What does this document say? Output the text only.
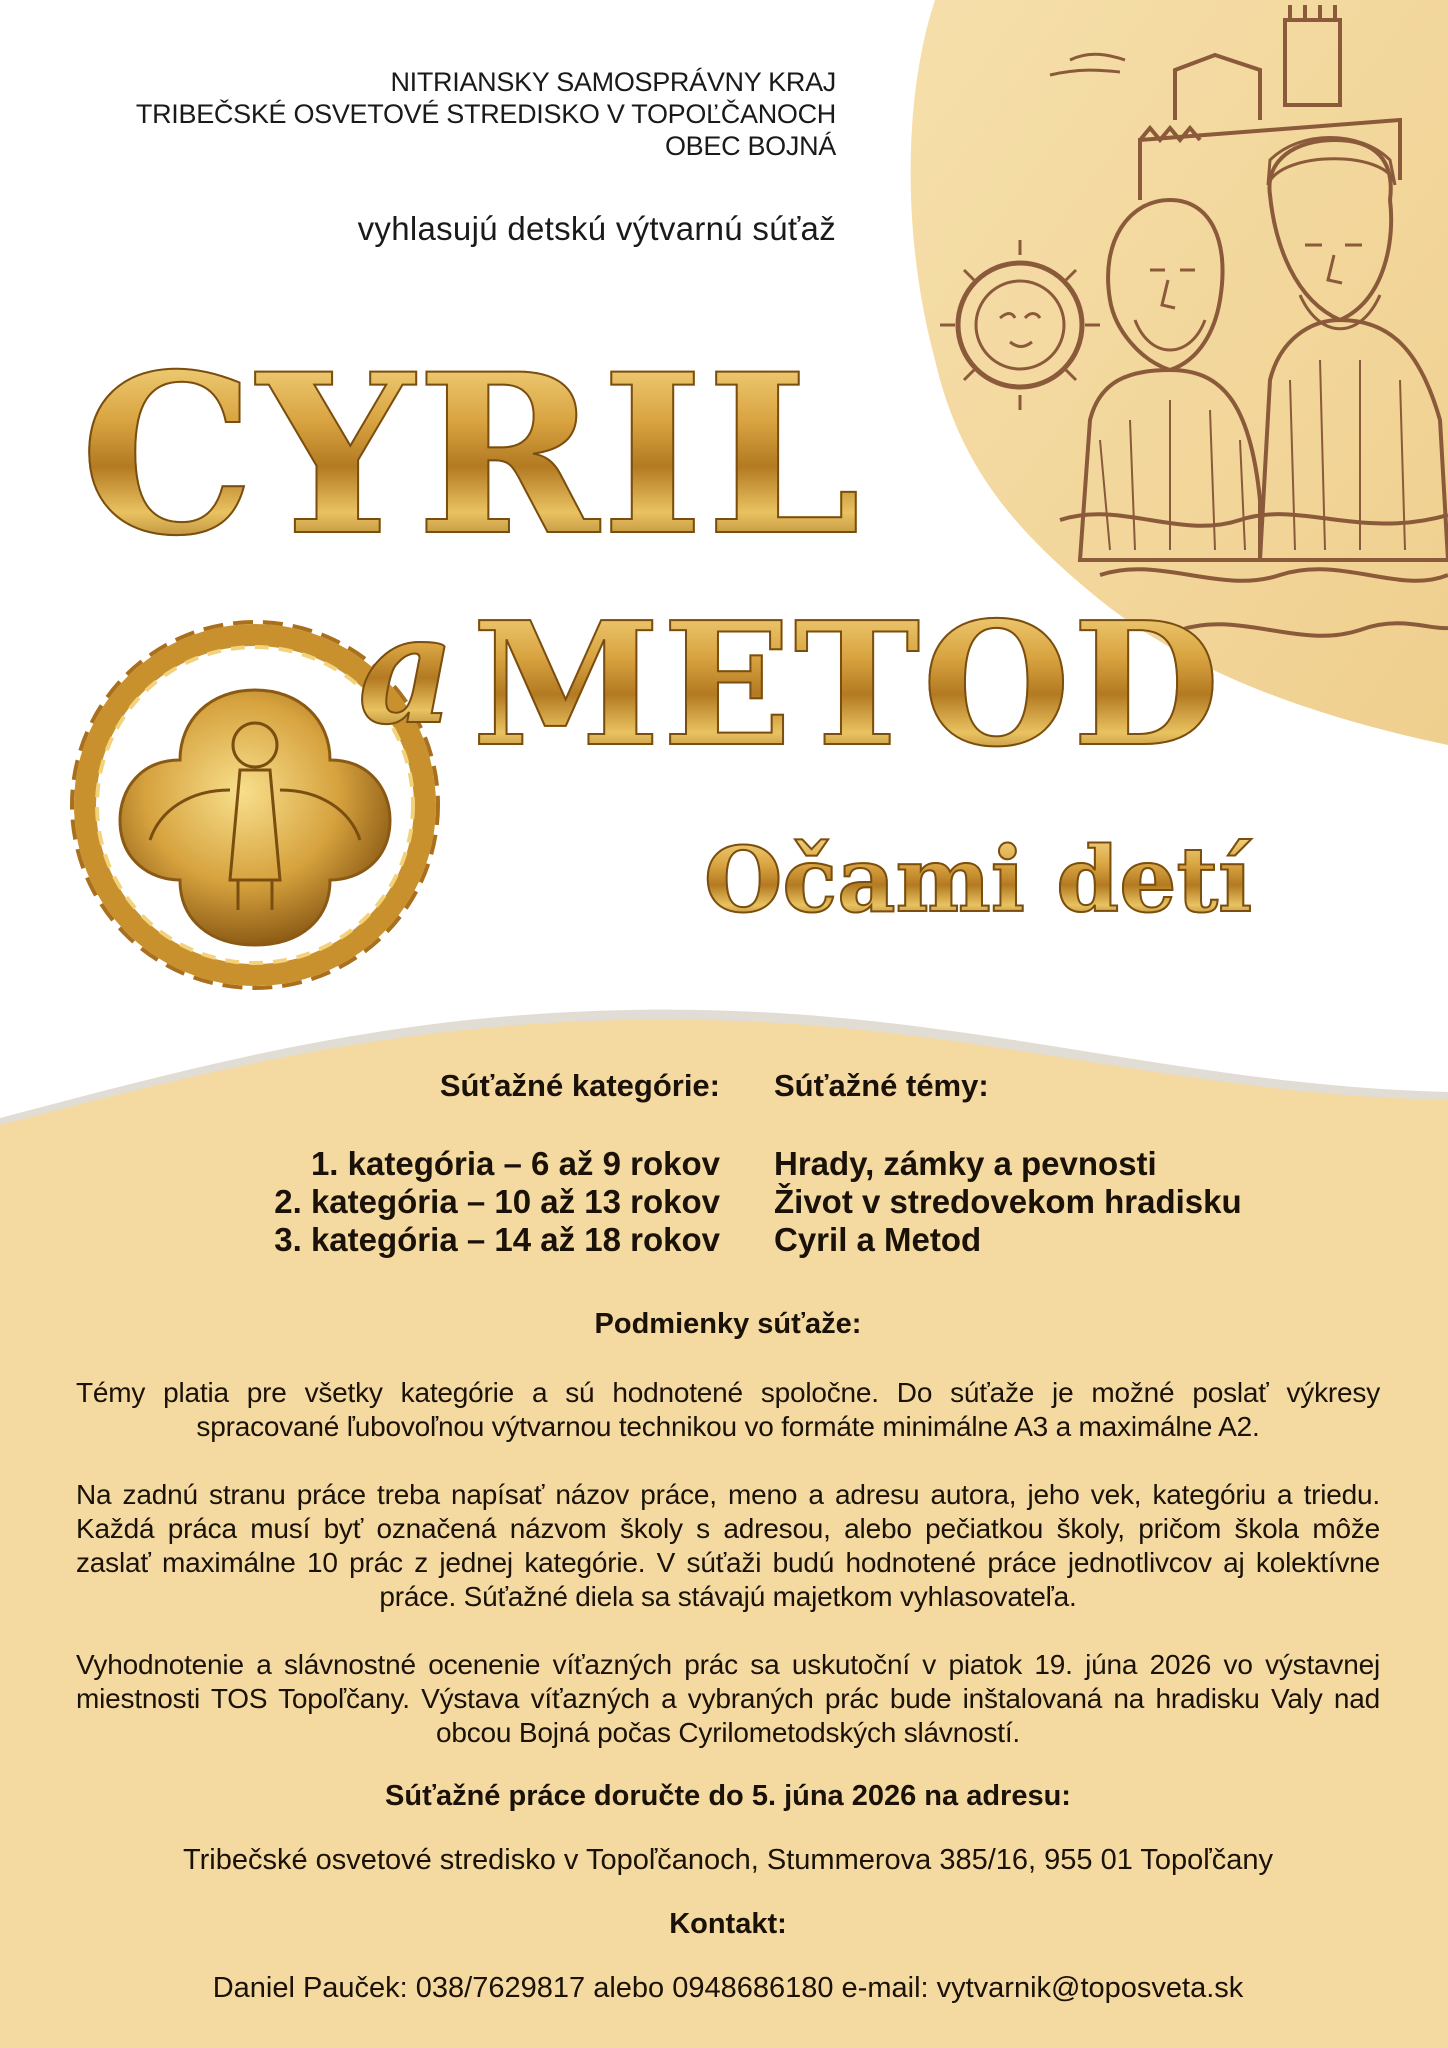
NITRIANSKY SAMOSPRÁVNY KRAJ
TRIBEČSKÉ OSVETOVÉ STREDISKO V TOPOĽČANOCH
OBEC BOJNÁ
vyhlasujú detskú výtvarnú súťaž
CYRIL
a METOD
Očami detí
Súťažné kategórie: Súťažné témy:
1. kategória – 6 až 9 rokov
2. kategória – 10 až 13 rokov
3. kategória – 14 až 18 rokov
Hrady, zámky a pevnosti
Život v stredovekom hradisku
Cyril a Metod
Podmienky súťaže:
Témy platia pre všetky kategórie a sú hodnotené spoločne. Do súťaže je možné poslať výkresy spracované ľubovoľnou výtvarnou technikou vo formáte minimálne A3 a maximálne A2.
Na zadnú stranu práce treba napísať názov práce, meno a adresu autora, jeho vek, kategóriu a triedu. Každá práca musí byť označená názvom školy s adresou, alebo pečiatkou školy, pričom škola môže zaslať maximálne 10 prác z jednej kategórie. V súťaži budú hodnotené práce jednotlivcov aj kolektívne práce. Súťažné diela sa stávajú majetkom vyhlasovateľa.
Vyhodnotenie a slávnostné ocenenie víťazných prác sa uskutoční v piatok 19. júna 2026 vo výstavnej miestnosti TOS Topoľčany. Výstava víťazných a vybraných prác bude inštalovaná na hradisku Valy nad obcou Bojná počas Cyrilometodských slávností.
Súťažné práce doručte do 5. júna 2026 na adresu:
Tribečské osvetové stredisko v Topoľčanoch, Stummerova 385/16, 955 01 Topoľčany
Kontakt:
Daniel Pauček: 038/7629817 alebo 0948686180 e-mail: vytvarnik@toposveta.sk
